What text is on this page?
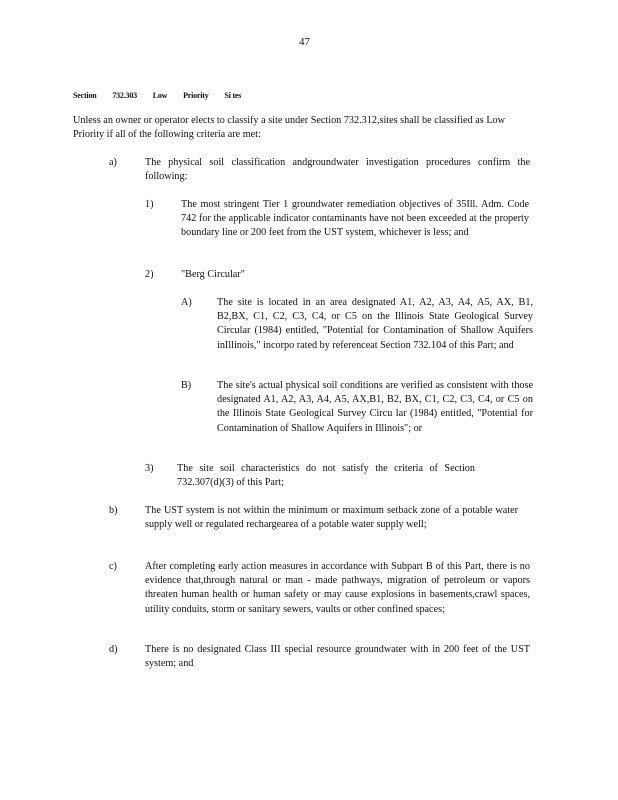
47
Section 732.303 Low Priority Si tes
Unless an owner or operator elects to classify a site under Section 732.312,sites shall be classified as Low Priority if all of the following criteria are met:
a)	The physical soil classification andgroundwater investigation procedures confirm the following:
1)	The most stringent Tier 1 groundwater remediation objectives of 35Ill. Adm. Code 742 for the applicable indicator contaminants have not been exceeded at the property boundary line or 200 feet from the UST system, whichever is less; and
2)	"Berg Circular"
A) The site is located in an area designated A1, A2, A3, A4, A5, AX, B1, B2,BX, C1, C2, C3, C4, or C5 on the Illinois State Geological Survey Circular (1984) entitled, "Potential for Contamination of Shallow Aquifers inIllinois," incorpo rated by referenceat Section 732.104 of this Part; and
B)	The site's actual physical soil conditions are verified as consistent with those designated A1, A2, A3, A4, A5, AX,B1, B2, BX, C1, C2, C3, C4, or C5 on the Illinois State Geological Survey Circu lar (1984) entitled, "Potential for Contamination of Shallow Aquifers in Illinois"; or
3) The site soil characteristics do not satisfy the criteria of Section 732.307(d)(3) of this Part;
b)	The UST system is not within the minimum or maximum setback zone of a potable water supply well or regulated rechargearea of a potable water supply well;
c)	After completing early action measures in accordance with Subpart B of this Part, there is no evidence that,through natural or man - made pathways, migration of petroleum or vapors threaten human health or human safety or may cause explosions in basements,crawl spaces, utility conduits, storm or sanitary sewers, vaults or other confined spaces;
d)	There is no designated Class III special resource groundwater with in 200 feet of the UST system; and
